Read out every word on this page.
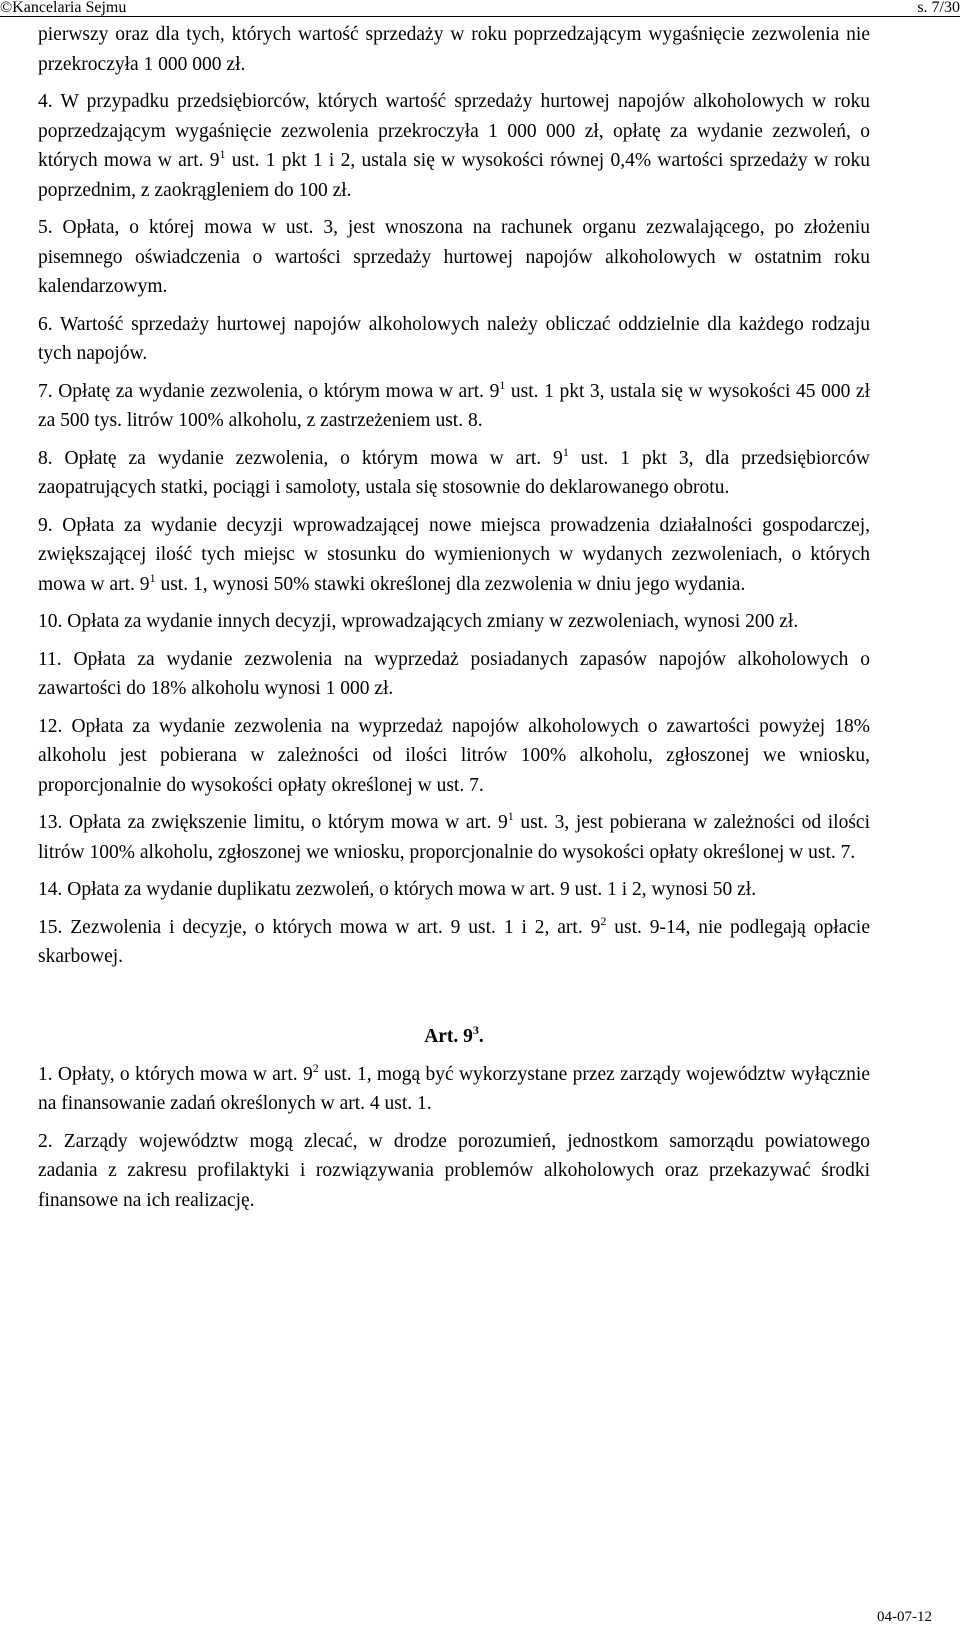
©Kancelaria Sejmu	s. 7/30

pierwszy oraz dla tych, których wartość sprzedaży w roku poprzedzającym wygaśnięcie zezwolenia nie przekroczyła 1 000 000 zł.

4. W przypadku przedsiębiorców, których wartość sprzedaży hurtowej napojów alkoholowych w roku poprzedzającym wygaśnięcie zezwolenia przekroczyła 1 000 000 zł, opłatę za wydanie zezwoleń, o których mowa w art. $9^1$ ust. 1 pkt 1 i 2, ustala się w wysokości równej 0,4% wartości sprzedaży w roku poprzednim, z zaokrągleniem do 100 zł.

5. Opłata, o której mowa w ust. 3, jest wnoszona na rachunek organu zezwalającego, po złożeniu pisemnego oświadczenia o wartości sprzedaży hurtowej napojów alkoholowych w ostatnim roku kalendarzowym.

6. Wartość sprzedaży hurtowej napojów alkoholowych należy obliczać oddzielnie dla każdego rodzaju tych napojów.

7. Opłatę za wydanie zezwolenia, o którym mowa w art. $9^1$ ust. 1 pkt 3, ustala się w wysokości 45 000 zł za 500 tys. litrów 100% alkoholu, z zastrzeżeniem ust. 8.

8. Opłatę za wydanie zezwolenia, o którym mowa w art. $9^1$ ust. 1 pkt 3, dla przedsiębiorców zaopatrujących statki, pociągi i samoloty, ustala się stosownie do deklarowanego obrotu.

9. Opłata za wydanie decyzji wprowadzającej nowe miejsca prowadzenia działalności gospodarczej, zwiększającej ilość tych miejsc w stosunku do wymienionych w wydanych zezwoleniach, o których mowa w art. $9^1$ ust. 1, wynosi 50% stawki określonej dla zezwolenia w dniu jego wydania.

10. Opłata za wydanie innych decyzji, wprowadzających zmiany w zezwoleniach, wynosi 200 zł.

11. Opłata za wydanie zezwolenia na wyprzedaż posiadanych zapasów napojów alkoholowych o zawartości do 18% alkoholu wynosi 1 000 zł.

12. Opłata za wydanie zezwolenia na wyprzedaż napojów alkoholowych o zawartości powyżej 18% alkoholu jest pobierana w zależności od ilości litrów 100% alkoholu, zgłoszonej we wniosku, proporcjonalnie do wysokości opłaty określonej w ust. 7.

13. Opłata za zwiększenie limitu, o którym mowa w art. $9^1$ ust. 3, jest pobierana w zależności od ilości litrów 100% alkoholu, zgłoszonej we wniosku, proporcjonalnie do wysokości opłaty określonej w ust. 7.

14. Opłata za wydanie duplikatu zezwoleń, o których mowa w art. 9 ust. 1 i 2, wynosi 50 zł.

15. Zezwolenia i decyzje, o których mowa w art. 9 ust. 1 i 2, art. $9^2$ ust. 9-14, nie podlegają opłacie skarbowej.

Art. $9^3$.

1. Opłaty, o których mowa w art. $9^2$ ust. 1, mogą być wykorzystane przez zarządy województw wyłącznie na finansowanie zadań określonych w art. 4 ust. 1.

2. Zarządy województw mogą zlecać, w drodze porozumień, jednostkom samorządu powiatowego zadania z zakresu profilaktyki i rozwiązywania problemów alkoholowych oraz przekazywać środki finansowe na ich realizację.

04-07-12
